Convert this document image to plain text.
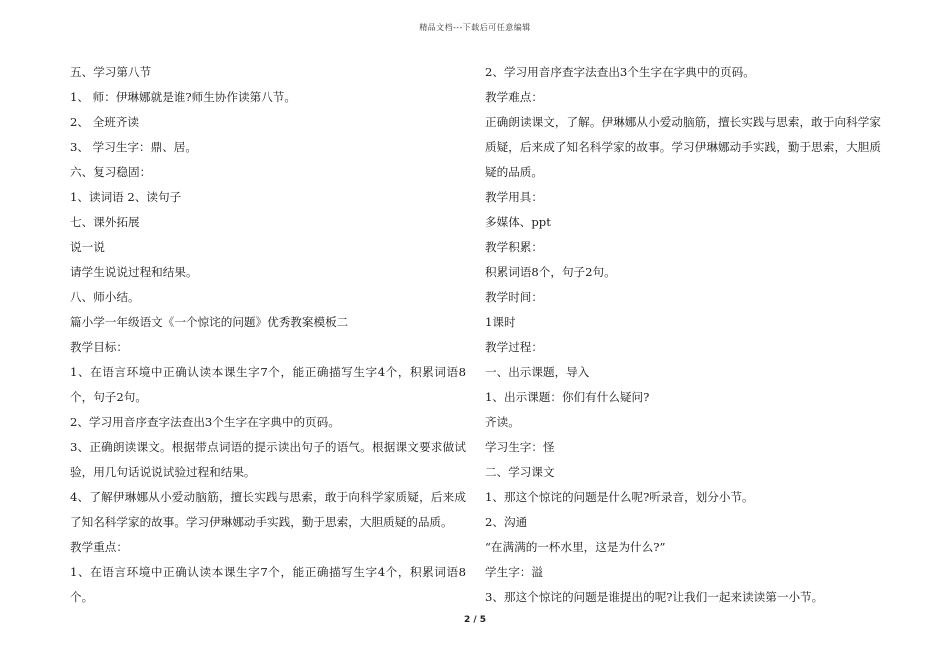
精品文档---下载后可任意编辑

五、学习第八节

1、 师：伊琳娜就是谁?师生协作读第八节。

2、 全班齐读

3、 学习生字：鼎、居。

六、复习稳固：

1、读词语 2、读句子

七、课外拓展

说一说

请学生说说过程和结果。

八、师小结。

篇小学一年级语文《一个惊诧的问题》优秀教案模板二

教学目标：

1、在语言环境中正确认读本课生字7个，能正确描写生字4个，积累词语8个，句子2句。

2、学习用音序查字法查出3个生字在字典中的页码。

3、正确朗读课文。根据带点词语的提示读出句子的语气。根据课文要求做试验，用几句话说说试验过程和结果。

4、了解伊琳娜从小爱动脑筋，擅长实践与思索，敢于向科学家质疑，后来成了知名科学家的故事。学习伊琳娜动手实践，勤于思索，大胆质疑的品质。

教学重点：

1、在语言环境中正确认读本课生字7个，能正确描写生字4个，积累词语8个。

2、学习用音序查字法查出3个生字在字典中的页码。

教学难点：

正确朗读课文，了解。伊琳娜从小爱动脑筋，擅长实践与思索，敢于向科学家质疑，后来成了知名科学家的故事。学习伊琳娜动手实践，勤于思索，大胆质疑的品质。

教学用具：

多媒体、ppt

教学积累：

积累词语8个，句子2句。

教学时间：

1课时

教学过程：

一、出示课题，导入

1、出示课题：你们有什么疑问?

齐读。

学习生字：怪

二、学习课文

1、那这个惊诧的问题是什么呢?听录音，划分小节。

2、沟通

“在满满的一杯水里，这是为什么?”

学生字：溢

3、那这个惊诧的问题是谁提出的呢?让我们一起来读读第一小节。

2 / 5
